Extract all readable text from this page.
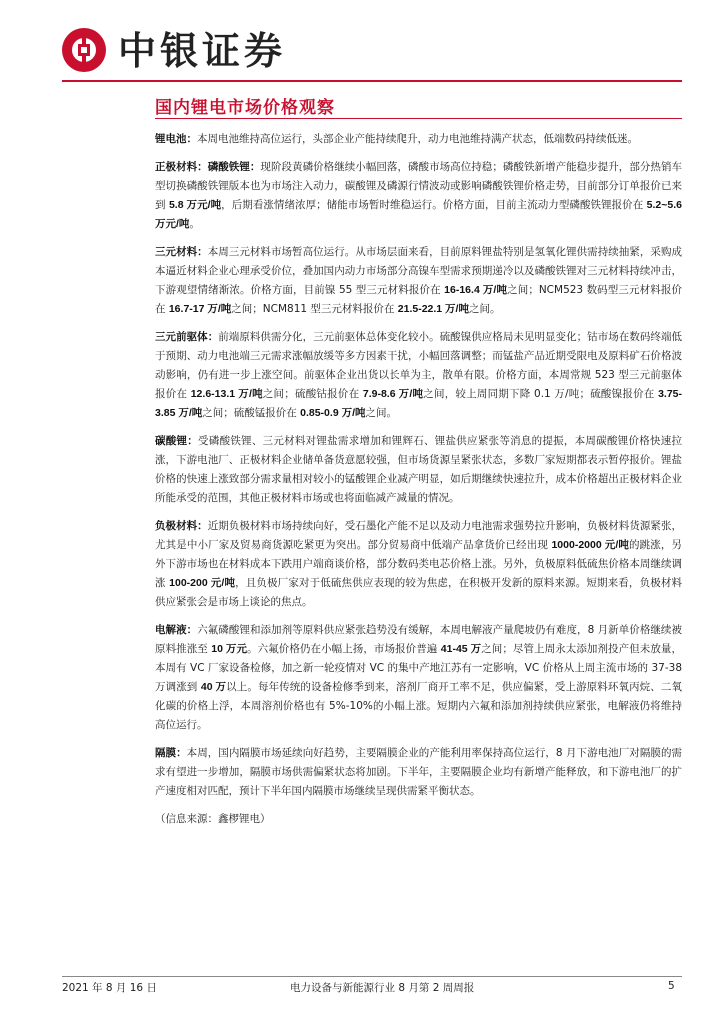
中银证券
国内锂电市场价格观察
锂电池：本周电池维持高位运行，头部企业产能持续爬升，动力电池维持满产状态，低端数码持续低迷。
正极材料：磷酸铁锂：现阶段黄磷价格继续小幅回落，磷酸市场高位持稳；磷酸铁新增产能稳步提升，部分热销车型切换磷酸铁锂版本也为市场注入动力，碳酸锂及磷源行情波动或影响磷酸铁锂价格走势，目前部分订单报价已来到 5.8 万元/吨，后期看涨情绪浓厚；储能市场暂时维稳运行。价格方面，目前主流动力型磷酸铁锂报价在 5.2~5.6 万元/吨。
三元材料：本周三元材料市场暂高位运行。从市场层面来看，目前原料锂盐特别是氢氧化锂供需持续抽紧，采购成本逼近材料企业心理承受价位，叠加国内动力市场部分高镍车型需求预期递冷以及磷酸铁锂对三元材料持续冲击，下游观望情绪渐浓。价格方面，目前镍 55 型三元材料报价在 16-16.4 万/吨之间；NCM523 数码型三元材料报价在 16.7-17 万/吨之间；NCM811 型三元材料报价在 21.5-22.1 万/吨之间。
三元前驱体：前端原料供需分化，三元前驱体总体变化较小。硫酸镍供应格局未见明显变化；钴市场在数码终端低于预期、动力电池端三元需求涨幅放缓等多方因素干扰，小幅回落调整；而锰盐产品近期受限电及原料矿石价格波动影响，仍有进一步上涨空间。前驱体企业出货以长单为主，散单有限。价格方面，本周常规 523 型三元前驱体报价在 12.6-13.1 万/吨之间；硫酸钴报价在 7.9-8.6 万/吨之间，较上周同期下降 0.1 万/吨；硫酸镍报价在 3.75-3.85 万/吨之间；硫酸锰报价在 0.85-0.9 万/吨之间。
碳酸锂：受磷酸铁锂、三元材料对锂盐需求增加和锂辉石、锂盐供应紧张等消息的提振，本周碳酸锂价格快速拉涨，下游电池厂、正极材料企业储单备货意愿较强，但市场货源呈紧张状态，多数厂家短期都表示暂停报价。锂盐价格的快速上涨致部分需求量相对较小的锰酸锂企业减产明显，如后期继续快速拉升，成本价格超出正极材料企业所能承受的范围，其他正极材料市场或也将面临减产减量的情况。
负极材料：近期负极材料市场持续向好，受石墨化产能不足以及动力电池需求强势拉升影响，负极材料货源紧张，尤其是中小厂家及贸易商货源吃紧更为突出。部分贸易商中低端产品拿货价已经出现 1000-2000 元/吨的跳涨，另外下游市场也在材料成本下跌用户端商谈价格，部分数码类电芯价格上涨。另外，负极原料低硫焦价格本周继续调涨 100-200 元/吨，且负极厂家对于低硫焦供应表现的较为焦虑，在积极开发新的原料来源。短期来看，负极材料供应紧张会是市场上谈论的焦点。
电解液：六氟磷酸锂和添加剂等原料供应紧张趋势没有缓解，本周电解液产量爬坡仍有难度，8 月新单价格继续被原料推涨至 10 万元。六氟价格仍在小幅上扬，市场报价普遍 41-45 万之间；尽管上周永太添加剂投产但未放量，本周有 VC 厂家设备检修，加之新一轮疫情对 VC 的集中产地江苏有一定影响，VC 价格从上周主流市场的 37-38 万调涨到 40 万以上。每年传统的设备检修季到来，溶剂厂商开工率不足，供应偏紧，受上游原料环氧丙烷、二氧化碳的价格上浮，本周溶剂价格也有 5%-10%的小幅上涨。短期内六氟和添加剂持续供应紧张，电解液仍将维持高位运行。
隔膜：本周，国内隔膜市场延续向好趋势，主要隔膜企业的产能利用率保持高位运行，8 月下游电池厂对隔膜的需求有望进一步增加，隔膜市场供需偏紧状态将加剧。下半年，主要隔膜企业均有新增产能释放，和下游电池厂的扩产速度相对匹配，预计下半年国内隔膜市场继续呈现供需紧平衡状态。
（信息来源：鑫椤锂电）
2021 年 8 月 16 日	电力设备与新能源行业 8 月第 2 周周报	5
